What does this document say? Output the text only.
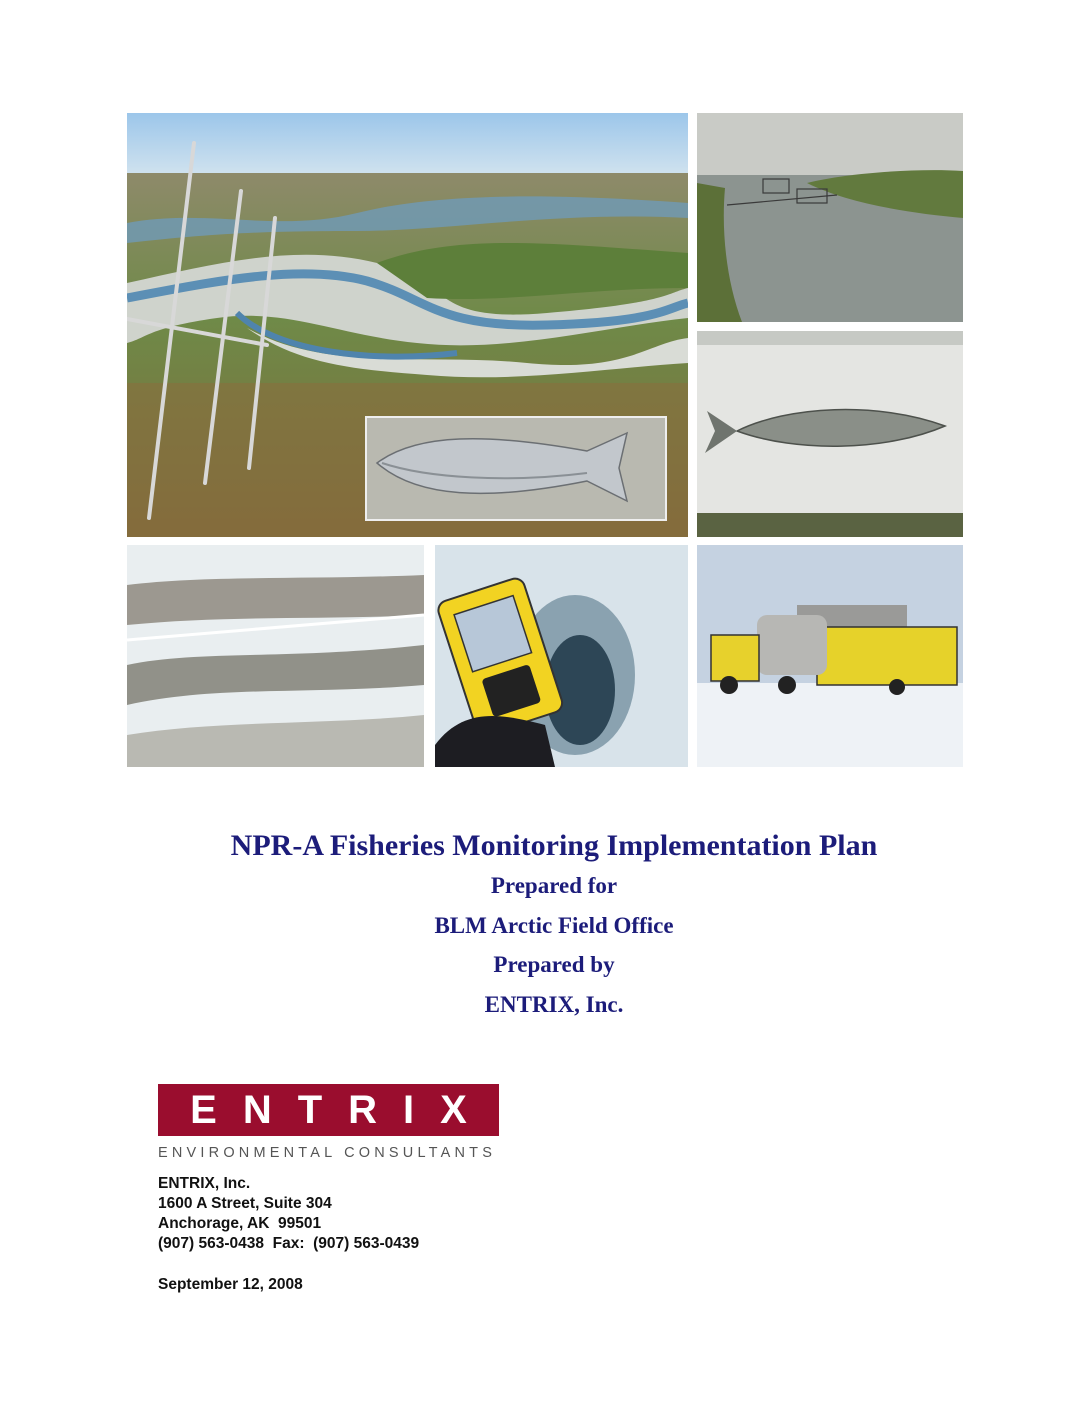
NPR-A Fisheries Monitoring Implementation Plan
Prepared for
BLM Arctic Field Office
Prepared by
ENTRIX, Inc.
ENTRIX
ENVIRONMENTAL CONSULTANTS
ENTRIX, Inc.
1600 A Street, Suite 304
Anchorage, AK  99501
(907) 563-0438  Fax:  (907) 563-0439
September 12, 2008
